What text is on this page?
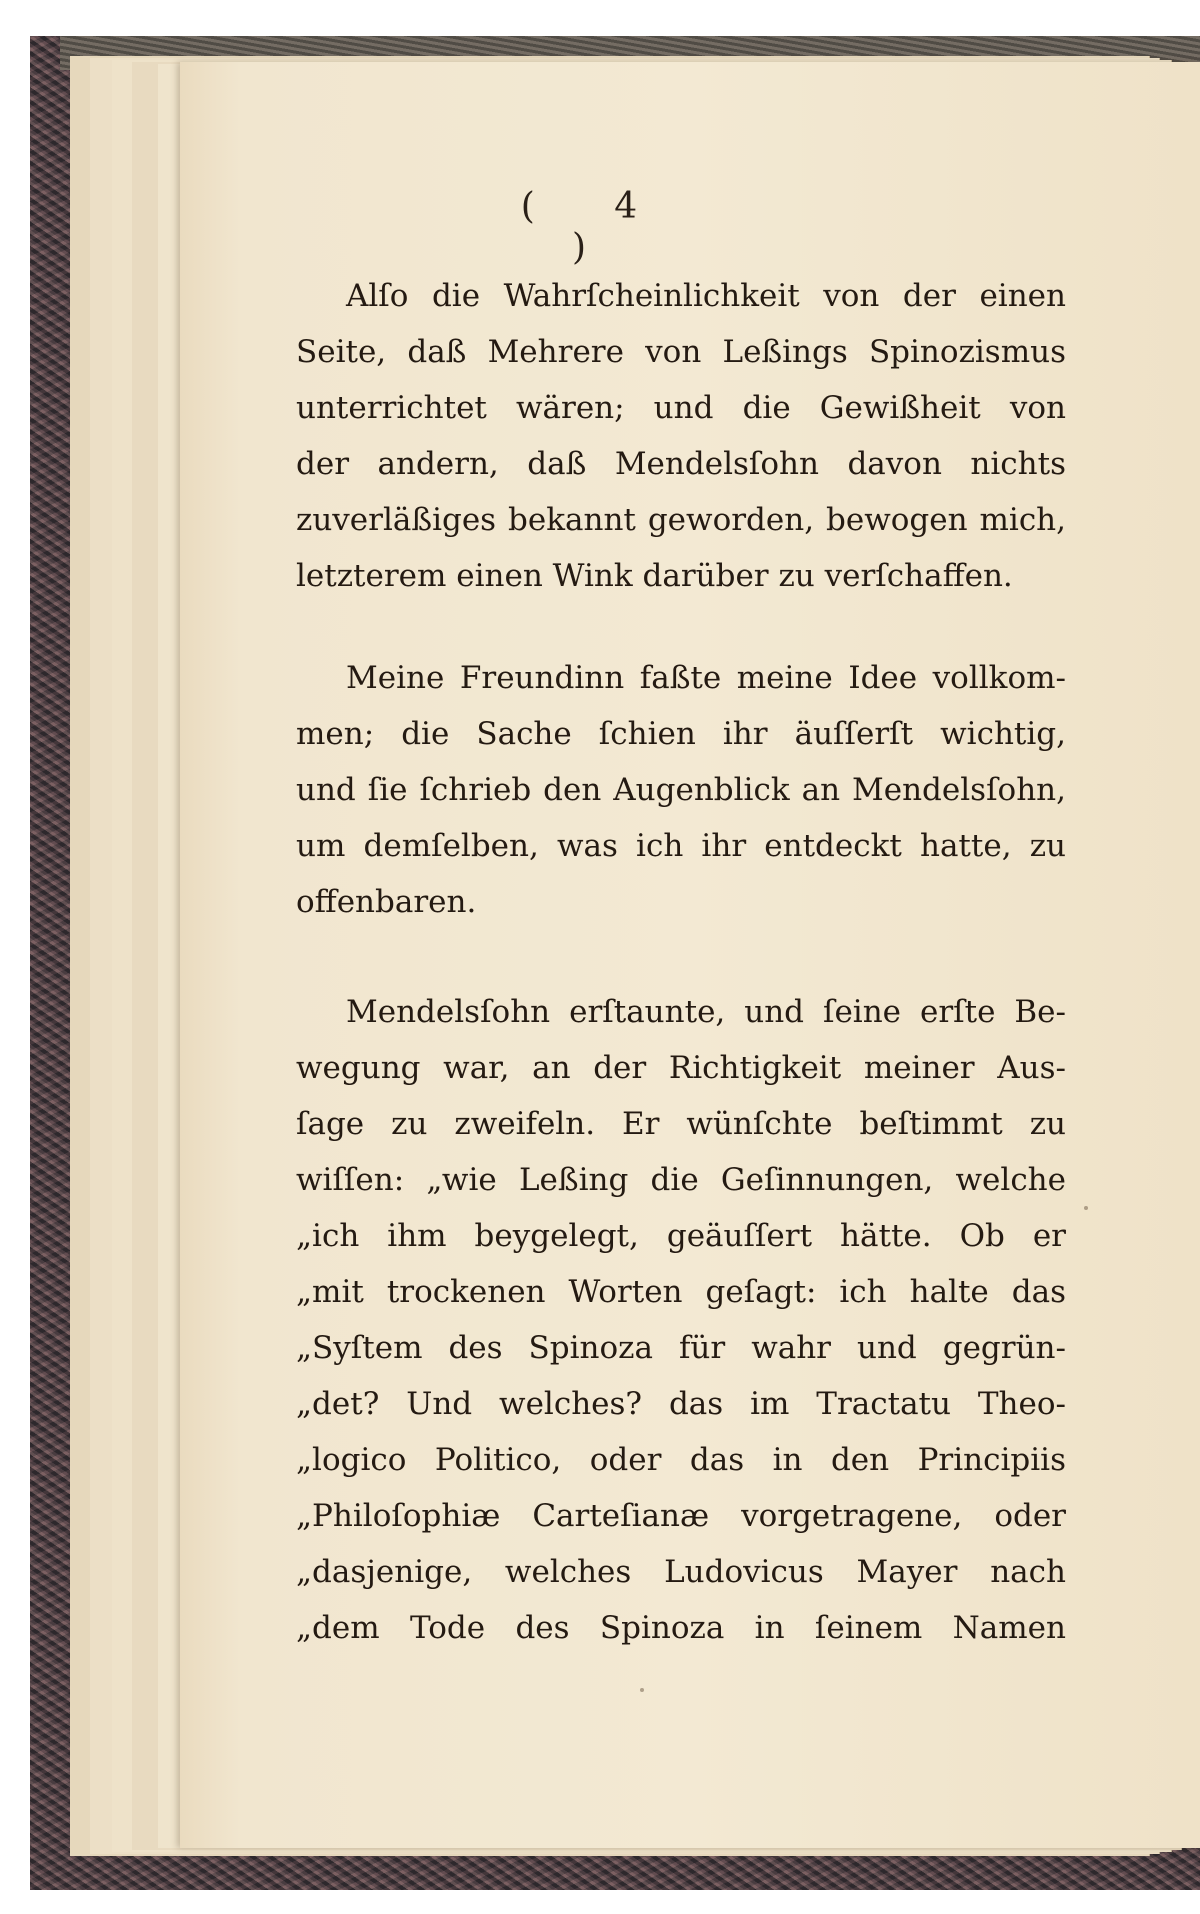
( 4 )
Alſo die Wahrſcheinlichkeit von der einen
Seite, daß Mehrere von Leßings Spinozismus
unterrichtet wären; und die Gewißheit von
der andern, daß Mendelsſohn davon nichts
zuverläßiges bekannt geworden, bewogen mich,
letzterem einen Wink darüber zu verſchaffen.
Meine Freundinn faßte meine Idee vollkom-
men; die Sache ſchien ihr äuſſerſt wichtig,
und ſie ſchrieb den Augenblick an Mendelsſohn,
um demſelben, was ich ihr entdeckt hatte, zu
offenbaren.
Mendelsſohn erſtaunte, und ſeine erſte Be-
wegung war, an der Richtigkeit meiner Aus-
ſage zu zweifeln. Er wünſchte beſtimmt zu
wiſſen: „wie Leßing die Geſinnungen, welche
„ich ihm beygelegt, geäuſſert hätte. Ob er
„mit trockenen Worten geſagt: ich halte das
„Syſtem des Spinoza für wahr und gegrün-
„det? Und welches? das im Tractatu Theo-
„logico Politico, oder das in den Principiis
„Philoſophiæ Carteſianæ vorgetragene, oder
„dasjenige, welches Ludovicus Mayer nach
„dem Tode des Spinoza in ſeinem Namen
